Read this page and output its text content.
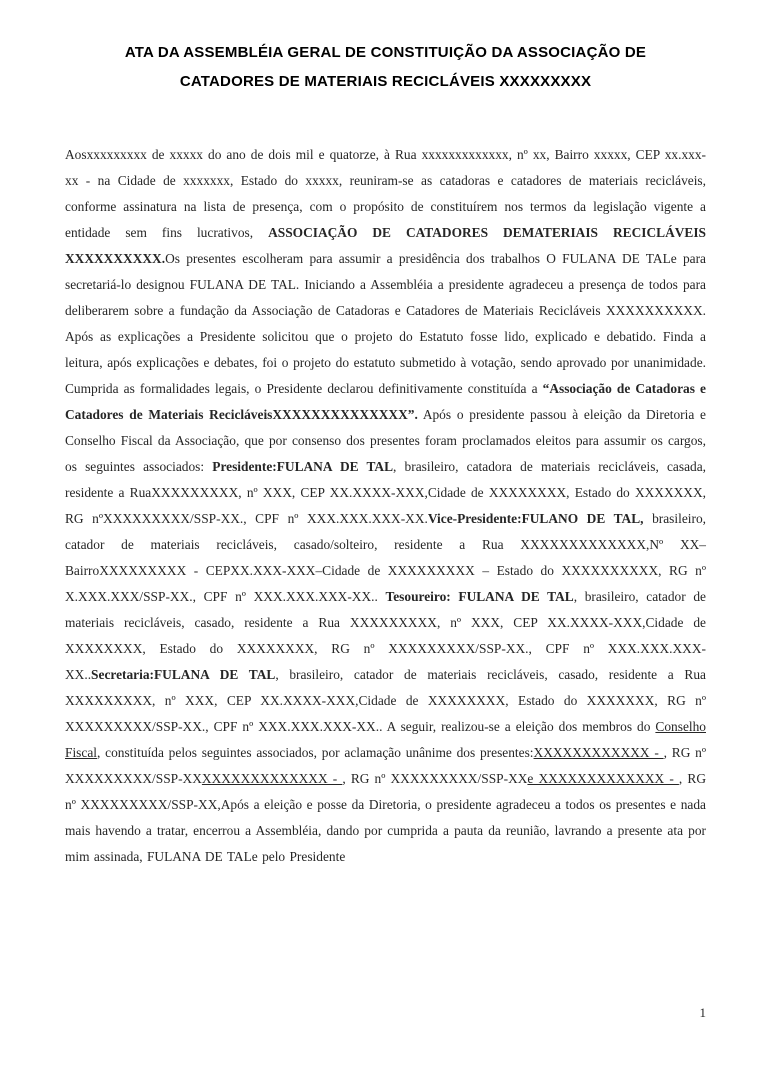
ATA DA ASSEMBLÉIA GERAL DE CONSTITUIÇÃO DA ASSOCIAÇÃO DE CATADORES DE MATERIAIS RECICLÁVEIS XXXXXXXXX
Aosxxxxxxxxx de xxxxx do ano de dois mil e quatorze, à Rua xxxxxxxxxxxxx, nº xx, Bairro xxxxx, CEP xx.xxx-xx - na Cidade de xxxxxxx, Estado do xxxxx, reuniram-se as catadoras e catadores de materiais recicláveis, conforme assinatura na lista de presença, com o propósito de constituírem nos termos da legislação vigente a entidade sem fins lucrativos, ASSOCIAÇÃO DE CATADORES DEMATERIAIS RECICLÁVEIS XXXXXXXXXX.Os presentes escolheram para assumir a presidência dos trabalhos O FULANA DE TALe para secretariá-lo designou FULANA DE TAL. Iniciando a Assembléia a presidente agradeceu a presença de todos para deliberarem sobre a fundação da Associação de Catadoras e Catadores de Materiais Recicláveis XXXXXXXXXX. Após as explicações a Presidente solicitou que o projeto do Estatuto fosse lido, explicado e debatido. Finda a leitura, após explicações e debates, foi o projeto do estatuto submetido à votação, sendo aprovado por unanimidade. Cumprida as formalidades legais, o Presidente declarou definitivamente constituída a “Associação de Catadoras e Catadores de Materiais RecicláveisXXXXXXXXXXXXXX”. Após o presidente passou à eleição da Diretoria e Conselho Fiscal da Associação, que por consenso dos presentes foram proclamados eleitos para assumir os cargos, os seguintes associados: Presidente:FULANA DE TAL, brasileiro, catadora de materiais recicláveis, casada, residente a RuaXXXXXXXXX, nº XXX, CEP XX.XXXX-XXX,Cidade de XXXXXXXX, Estado do XXXXXXX, RG nºXXXXXXXXX/SSP-XX., CPF nº XXX.XXX.XXX-XX.Vice-Presidente:FULANO DE TAL, brasileiro, catador de materiais recicláveis, casado/solteiro, residente a Rua XXXXXXXXXXXXX,Nº XX– BairroXXXXXXXXX - CEPXX.XXX-XXX–Cidade de XXXXXXXXX – Estado do XXXXXXXXXX, RG nº X.XXX.XXX/SSP-XX., CPF nº XXX.XXX.XXX-XX.. Tesoureiro: FULANA DE TAL, brasileiro, catador de materiais recicláveis, casado, residente a Rua XXXXXXXXX, nº XXX, CEP XX.XXXX-XXX,Cidade de XXXXXXXX, Estado do XXXXXXXX, RG nº XXXXXXXXX/SSP-XX., CPF nº XXX.XXX.XXX-XX..Secretaria:FULANA DE TAL, brasileiro, catador de materiais recicláveis, casado, residente a Rua XXXXXXXXX, nº XXX, CEP XX.XXXX-XXX,Cidade de XXXXXXXX, Estado do XXXXXXX, RG nº XXXXXXXXX/SSP-XX., CPF nº XXX.XXX.XXX-XX.. A seguir, realizou-se a eleição dos membros do Conselho Fiscal, constituída pelos seguintes associados, por aclamação unânime dos presentes:XXXXXXXXXXXX - , RG nº XXXXXXXXX/SSP-XXXXXXXXXXXXXXX - , RG nº XXXXXXXXX/SSP-XXe XXXXXXXXXXXXX - , RG nº XXXXXXXXX/SSP-XX,Após a eleição e posse da Diretoria, o presidente agradeceu a todos os presentes e nada mais havendo a tratar, encerrou a Assembléia, dando por cumprida a pauta da reunião, lavrando a presente ata por mim assinada, FULANA DE TALe pelo Presidente
1
